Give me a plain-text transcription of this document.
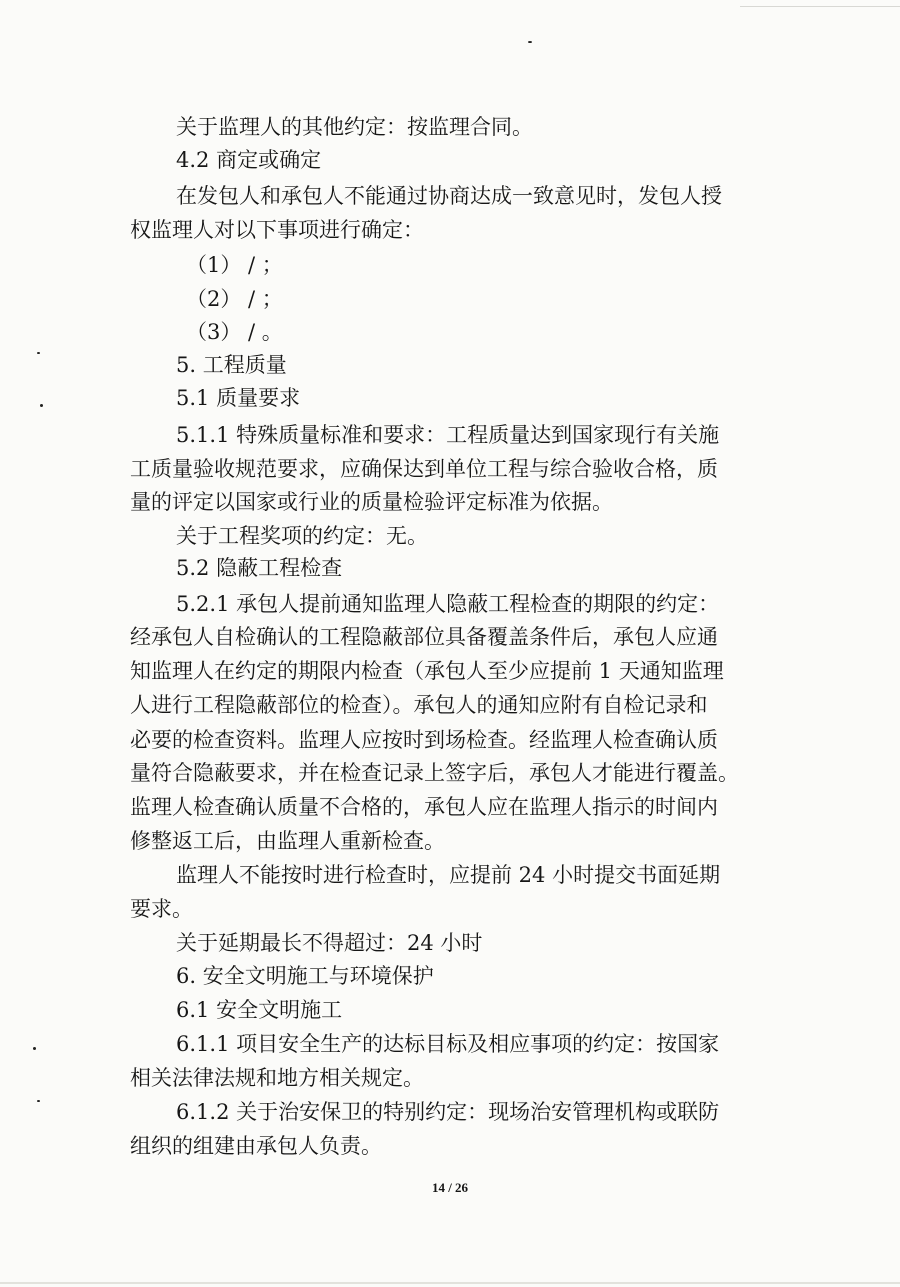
关于监理人的其他约定：按监理合同。
4.2 商定或确定
在发包人和承包人不能通过协商达成一致意见时，发包人授
权监理人对以下事项进行确定：
（1） / ；
（2） / ；
（3） / 。
5. 工程质量
5.1 质量要求
5.1.1 特殊质量标准和要求：工程质量达到国家现行有关施
工质量验收规范要求，应确保达到单位工程与综合验收合格，质
量的评定以国家或行业的质量检验评定标准为依据。
关于工程奖项的约定：无。
5.2 隐蔽工程检查
5.2.1 承包人提前通知监理人隐蔽工程检查的期限的约定：
经承包人自检确认的工程隐蔽部位具备覆盖条件后，承包人应通
知监理人在约定的期限内检查（承包人至少应提前 1 天通知监理
人进行工程隐蔽部位的检查）。承包人的通知应附有自检记录和
必要的检查资料。监理人应按时到场检查。经监理人检查确认质
量符合隐蔽要求，并在检查记录上签字后，承包人才能进行覆盖。
监理人检查确认质量不合格的，承包人应在监理人指示的时间内
修整返工后，由监理人重新检查。
监理人不能按时进行检查时，应提前 24 小时提交书面延期
要求。
关于延期最长不得超过：24 小时
6. 安全文明施工与环境保护
6.1 安全文明施工
6.1.1 项目安全生产的达标目标及相应事项的约定：按国家
相关法律法规和地方相关规定。
6.1.2 关于治安保卫的特别约定：现场治安管理机构或联防
组织的组建由承包人负责。
14 / 26
